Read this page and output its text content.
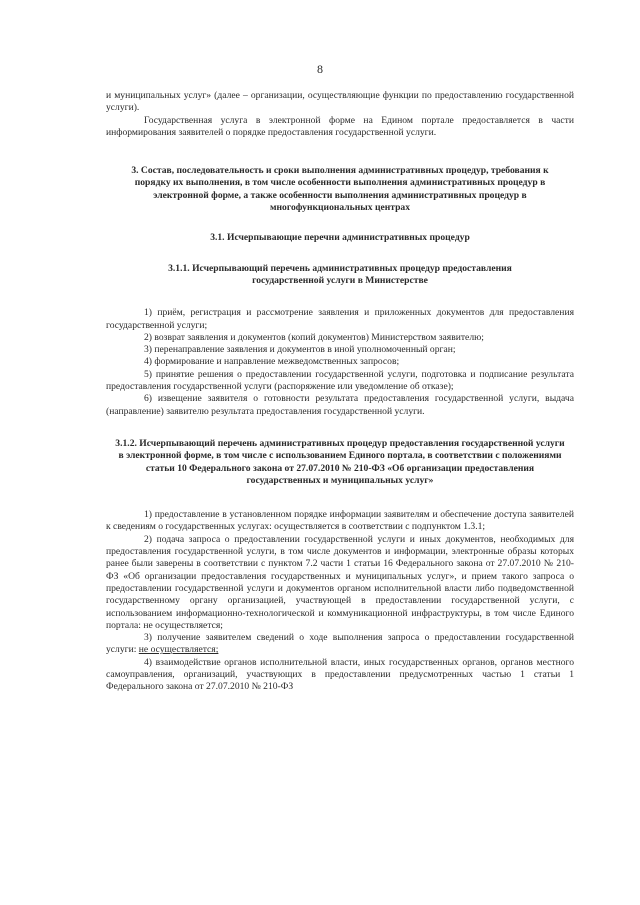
8

и муниципальных услуг» (далее – организации, осуществляющие функции по предоставлению государственной услуги).

Государственная услуга в электронной форме на Едином портале предоставляется в части информирования заявителей о порядке предоставления государственной услуги.

3. Состав, последовательность и сроки выполнения административных процедур, требования к порядку их выполнения, в том числе особенности выполнения административных процедур в электронной форме, а также особенности выполнения административных процедур в многофункциональных центрах

3.1. Исчерпывающие перечни административных процедур

3.1.1. Исчерпывающий перечень административных процедур предоставления государственной услуги в Министерстве

1) приём, регистрация и рассмотрение заявления и приложенных документов для предоставления государственной услуги;

2) возврат заявления и документов (копий документов) Министерством заявителю;

3) перенаправление заявления и документов в иной уполномоченный орган;

4) формирование и направление межведомственных запросов;

5) принятие решения о предоставлении государственной услуги, подготовка и подписание результата предоставления государственной услуги (распоряжение или уведомление об отказе);

6) извещение заявителя о готовности результата предоставления государственной услуги, выдача (направление) заявителю результата предоставления государственной услуги.

3.1.2. Исчерпывающий перечень административных процедур предоставления государственной услуги в электронной форме, в том числе с использованием Единого портала, в соответствии с положениями статьи 10 Федерального закона от 27.07.2010 № 210-ФЗ «Об организации предоставления государственных и муниципальных услуг»

1) предоставление в установленном порядке информации заявителям и обеспечение доступа заявителей к сведениям о государственных услугах: осуществляется в соответствии с подпунктом 1.3.1;

2) подача запроса о предоставлении государственной услуги и иных документов, необходимых для предоставления государственной услуги, в том числе документов и информации, электронные образы которых ранее были заверены в соответствии с пунктом 7.2 части 1 статьи 16 Федерального закона от 27.07.2010 № 210-ФЗ «Об организации предоставления государственных и муниципальных услуг», и прием такого запроса о предоставлении государственной услуги и документов органом исполнительной власти либо подведомственной государственному органу организацией, участвующей в предоставлении государственной услуги, с использованием информационно-технологической и коммуникационной инфраструктуры, в том числе Единого портала: не осуществляется;

3) получение заявителем сведений о ходе выполнения запроса о предоставлении государственной услуги: не осуществляется;

4) взаимодействие органов исполнительной власти, иных государственных органов, органов местного самоуправления, организаций, участвующих в предоставлении предусмотренных частью 1 статьи 1 Федерального закона от 27.07.2010 № 210-ФЗ
